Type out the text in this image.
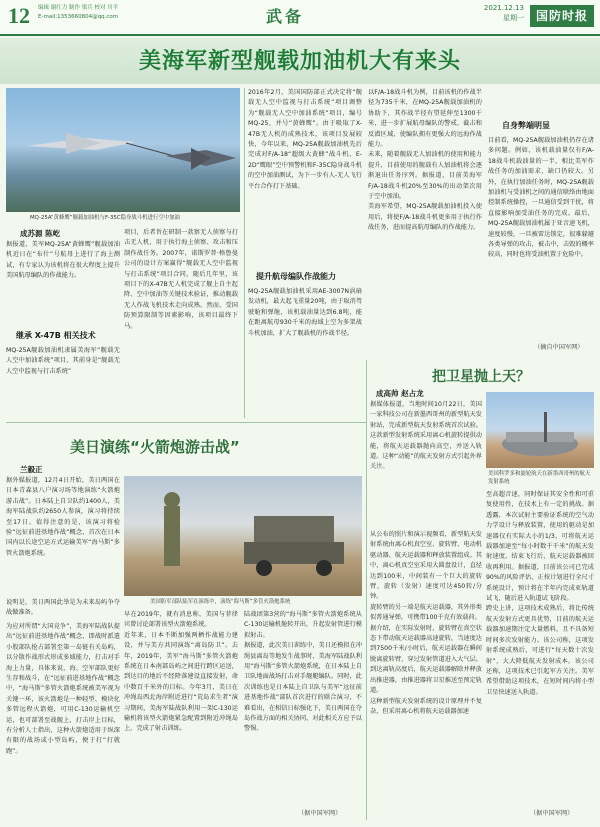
12	编辑 谢红力 制作 梁兵 校对 川平
E-mail:1353660804@qq.com	武备	2021.12.13
星期一 国防时报
美海军新型舰载加油机大有来头
MQ-25A“黄蜂鹰”舰载加油机与F-35C隐身战斗机进行空中加油
成苏源 陈屹
据报道，美军MQ-25A“黄蜂鹰”舰载加油机近日在“布什”号航母上进行了海上测试，有专家认为该机将在很大程度上提升美国航母编队的作战能力。
继承 X-47B 相关技术
MQ-25A舰载加油机隶属美海军“舰载无人空中加油系统”项目，其前身是“舰载无人空中监视与打击系统”
项目，后者旨在研制一款察无人侦察与打击无人机，用于执行海上侦察、攻击和压制作战任务。2007年，诺斯罗普·格鲁曼公司的设计方案赢得“舰载无人空中监视与打击系统”项目合同，随后几年里，该项目下的X-47B无人机完成了舰上自主起降、空中加油等关键技术验证，推动舰载无人作战飞机技术走向成熟。然而，受国防预算限制等因素影响，该项目最终下马。
2016年2月，美国国防部正式决定将“舰载无人空中监视与打击系统”项目调整为“舰载无人空中加油系统”项目，编号MQ-25，并号“黄蜂鹰”。由于吸取了X-47B无人机的成熟技术，该项目发展较快，今年以来，MQ-25A舰载加油机先后完成对F/A-18“超级大黄蜂”战斗机、E-2D“鹰眼”空中预警机和F-35C隐身战斗机的空中加油测试，为下一步有人-无人飞行平台合作打下基础。
提升航母编队作战能力
MQ-25A舰载加油机采用AE-3007N涡扇发动机，最大起飞重量20吨，由于取消驾驶舱和弹舱，该机载油量达到6.8吨，能在距离航母930千米的海域上空为多架战斗机加油，扩大了舰载机的作战半径。
以F/A-18战斗机为例，目前该机的作战半径为735千米，在MQ-25A舰载加油机的协助下，其作战半径有望延伸至1300千米，进一步扩展航母编队的警戒、截击和反潜区域，使编队拥有更强大的远海作战能力。
未来，随着舰载无人加油机的使用和能力提升，目前使用的舰载有人加油机将会逐渐退出任务序列。据报道，目前美海军F/A-18战斗机20%至30%的出动架次用于空中加油。
美海军希望，MQ-25A舰载加油机投入使用后，将使F/A-18战斗机更多用于执行作战任务，进而提高航母编队的作战能力。
自身弊端明显
目前看，MQ-25A舰载加油机仍存在诸多问题。例如，该机载油量仅有F/A-18战斗机载油量的一半，相比美军作战任务的加油需求，缺口仍较大。另外，在执行加油任务时，MQ-25A舰载加油机与受油机之间的通信联络由地面控制系统操控，一旦通信受到干扰，将直接影响加受油任务的完成。最后，MQ-25A舰载加油机属于亚音速飞机，速度较慢，一旦被雷达锁定，很难躲避各类导弹的攻击，被击中，击毁的概率较高，同时也将受油机置于危险中。
（摘自中国军网）
美日演练“火箭炮游击战”
兰毅正
据外媒报道，12月4日开始，美日两国在日本青森县八户演习场等地演练“火箭炮游击战”。日本陆上自卫队约1400人，美海军陆战队约2650人参演，演习将持续至17日。值得注意的是，该演习将检验“远征前进基地作战”概念，首次在日本国内以长途空运方式运输美军“海马斯”多管火箭炮系统。
说明是，美日两国此举是为未来岛屿争夺战做准备。
为应对所谓“大国竞争”，美海军陆战队提出“远征前进基地作战”概念，即战时派遣小股部队抢占部署至第一岛链有关岛屿，以分散作战形式形成多域能力，打击对手海上力量，具体来说，海、空军部队更好生存和战斗，在“远征前进基地作战”概念中，“海马斯”多管火箭炮系统被美军视为关键一环，该火箭炮是一种轻型、模块化多管远程火箭炮，可用C-130运输机空运，也可部署至战舰上，打击岸上目标，有分析人士指出，这种火箭炮适用于纵深有限的战场或小型岛屿，便于打“打就跑”。
美国防军部队陆军在演练中，演练“海马斯”多管火箭炮系统
早在2019年，就有消息称，美国与菲律宾曾讨论部署该型火箭炮系统。
近年来，日本不断加强两栖作战能力建设，并与美方共同演练“离岛防卫”。去年，2019年，美军“海马斯”多管火箭炮系统在日本南部岛屿之间进行跨区运送，到达目的地后不经降落建设直接发射，命中数百千米外的目标。今年3月，美日在冲绳岛西北海岸附近进行“荒岛求生者”演习期间，美海军陆战队利用一架C-130运输机将该型火箭炮紧急配置到附近冲绳岛上，完成了射击训练。
陆战团第3营的“海马斯”多管火箭炮系统从C-130运输机舱转开出，升起发射管进行模拟射击。
据报道，此次美日训练中，美日还模拟在冲绳县离岛等地发生战事时，美海军陆战队利用“海马斯”多管火箭炮系统，在日本陆上自卫队地面战场打击对手舰艇编队。同时，此次训练也是日本陆上自卫队与美军“远征前进基地作战”部队首次进行的联合演习，不难看出，在相信日标强化下，美日两国在夺岛作战方面的相关协同，对此相关方应予以警惕。
（据中国军网）
把卫星抛上天？
成高帅 赵占龙
据媒体报道，当地时间10月22日，美国一家科技公司在新墨西哥州的新型航天发射站，完成新型航天发射系统首次试验。这款新型发射系统采用离心机旋转提供动能，将航天运载器抛向高空，并送入轨道。这种“动能”的航天发射方式引起外界关注。
美国科罗多和旋轮航天在新墨西哥州的航天发射系统
从公布的照片和演示视频看，新型航天发射系统由离心机真空室、旋转臂、电动机驱动器、航天运载器和释放装置组成。其中，离心机真空室采用大圆盘设计，直径达到100米，中间装有一个巨大的旋转臂，旋转（发射）速度可达450转/分钟。
旋转臂的另一端是航天运载器，其外形类似普通导弹，可携带100千克有效载荷。
据介绍，在实际发射时，旋转臂在真空状态下带动航天运载器高速旋转，当速度达到7500千米/小时后，航天运载器在瞬间脱离旋转臂，穿过发射管道进入大气层。到达离轨高度后，航天运载器解除并释放出推进器，由推进器将卫星推送至预定轨道。
这种新型航天发射系统的设计原理并不复杂，但采用离心机将航天运载器加速
至高超音速，同时保证其安全性和可重复使用性，在技术上有一定的挑战。据透露，本次试射主要验证系统的空气动力学设计与释放装置，使用的驱动是加速器仅有实际大小的1/3，可将航天运载器加速至“每小时数千千米”的航天发射速度。结束飞行后，航天运载器被回收再利用。据报道，目前该公司已完成90%的风险评估，正按计划进行全尺寸系统设计，预计将在半年内完成亚轨道试飞，随后进入轨道试飞阶段。
跨史上讲，这项技术成熟后，将比传统航天发射方式更具优势，目前的航天运载器加速期注定大量燃料，且不具备短时间多次发射能力。该公司称，这项发射系统成熟后，可进行“每天数十次发射”，大大降低航天发射成本。该公司还称，这项技术已引起军方关注。美军希望借助这项技术，在短时间内将小型卫星快速送入轨道。
（据中国军网）
